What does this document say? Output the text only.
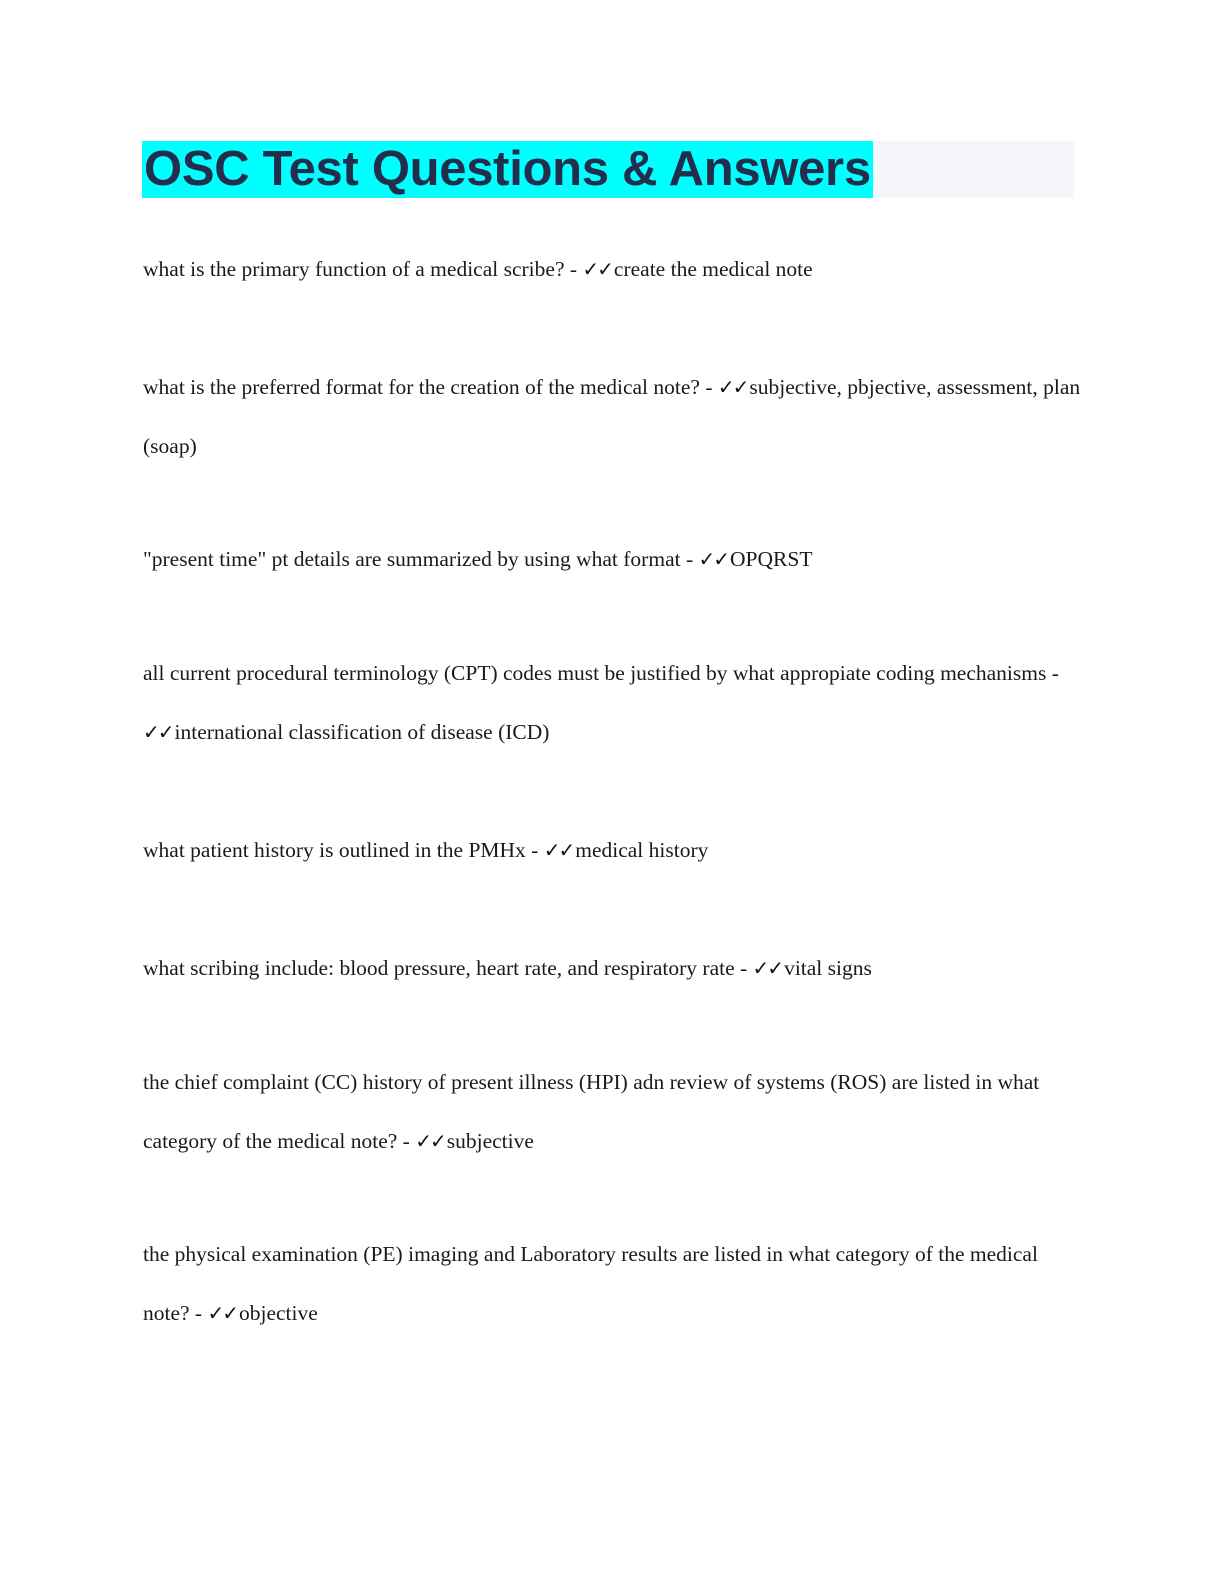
OSC Test Questions & Answers

what is the primary function of a medical scribe? - ✓✓create the medical note

what is the preferred format for the creation of the medical note? - ✓✓subjective, pbjective, assessment, plan (soap)

"present time" pt details are summarized by using what format - ✓✓OPQRST

all current procedural terminology (CPT) codes must be justified by what appropiate coding mechanisms - ✓✓international classification of disease (ICD)

what patient history is outlined in the PMHx - ✓✓medical history

what scribing include: blood pressure, heart rate, and respiratory rate - ✓✓vital signs

the chief complaint (CC) history of present illness (HPI) adn review of systems (ROS) are listed in what category of the medical note? - ✓✓subjective

the physical examination (PE) imaging and Laboratory results are listed in what category of the medical note? - ✓✓objective
